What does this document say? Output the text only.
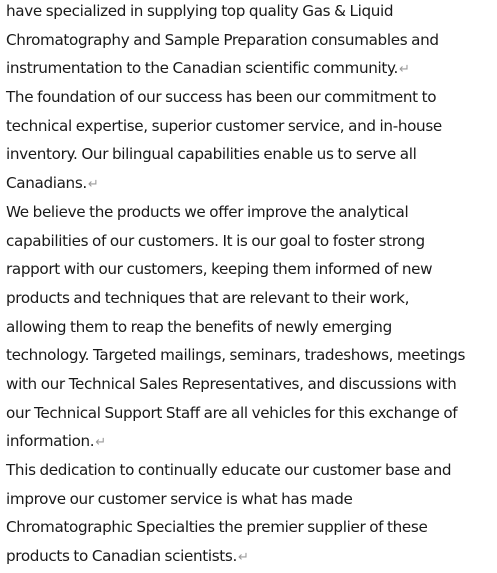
have specialized in supplying top quality Gas & Liquid
Chromatography and Sample Preparation consumables and
instrumentation to the Canadian scientific community.↵
The foundation of our success has been our commitment to
technical expertise, superior customer service, and in-house
inventory. Our bilingual capabilities enable us to serve all
Canadians.↵
We believe the products we offer improve the analytical
capabilities of our customers. It is our goal to foster strong
rapport with our customers, keeping them informed of new
products and techniques that are relevant to their work,
allowing them to reap the benefits of newly emerging
technology. Targeted mailings, seminars, tradeshows, meetings
with our Technical Sales Representatives, and discussions with
our Technical Support Staff are all vehicles for this exchange of
information.↵
This dedication to continually educate our customer base and
improve our customer service is what has made
Chromatographic Specialties the premier supplier of these
products to Canadian scientists.↵
